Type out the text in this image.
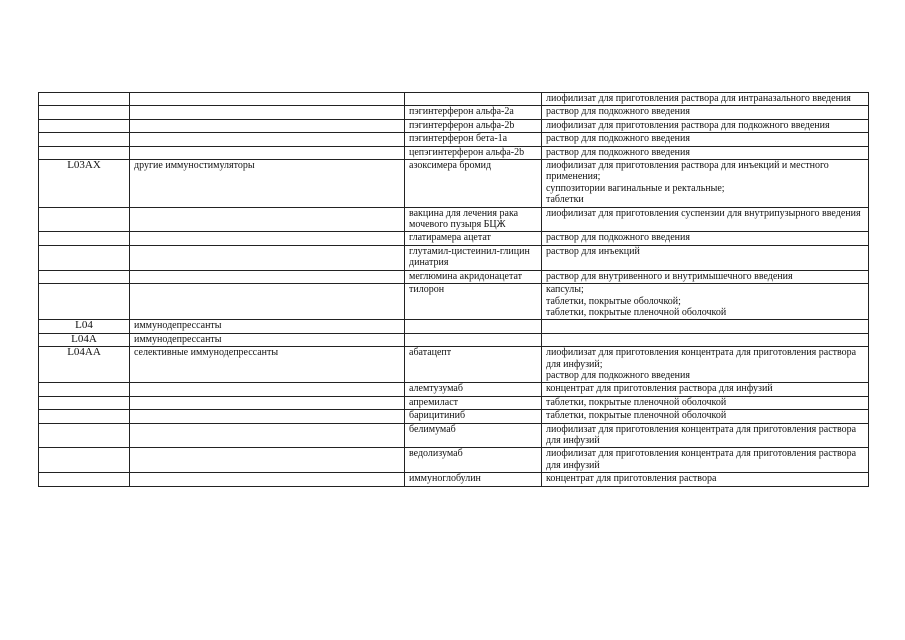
			лиофилизат для приготовления раствора для интраназального введения

		пэгинтерферон альфа-2a	раствор для подкожного введения

		пэгинтерферон альфа-2b	лиофилизат для приготовления раствора для подкожного введения

		пэгинтерферон бета-1a	раствор для подкожного введения

		цепэгинтерферон альфа-2b	раствор для подкожного введения

L03AX	другие иммуностимуляторы	азоксимера бромид	лиофилизат для приготовления раствора для инъекций и местного применения;
суппозитории вагинальные и ректальные;
таблетки

		вакцина для лечения рака мочевого пузыря БЦЖ	лиофилизат для приготовления суспензии для внутрипузырного введения

		глатирамера ацетат	раствор для подкожного введения

		глутамил-цистеинил-глицин динатрия	раствор для инъекций

		меглюмина акридонацетат	раствор для внутривенного и внутримышечного введения

		тилорон	капсулы;
таблетки, покрытые оболочкой;
таблетки, покрытые пленочной оболочкой

L04	иммунодепрессанты		

L04A	иммунодепрессанты		

L04AA	селективные иммунодепрессанты	абатацепт	лиофилизат для приготовления концентрата для приготовления раствора для инфузий;
раствор для подкожного введения

		алемтузумаб	концентрат для приготовления раствора для инфузий

		апремиласт	таблетки, покрытые пленочной оболочкой

		барицитиниб	таблетки, покрытые пленочной оболочкой

		белимумаб	лиофилизат для приготовления концентрата для приготовления раствора для инфузий

		ведолизумаб	лиофилизат для приготовления концентрата для приготовления раствора для инфузий

		иммуноглобулин	концентрат для приготовления раствора
